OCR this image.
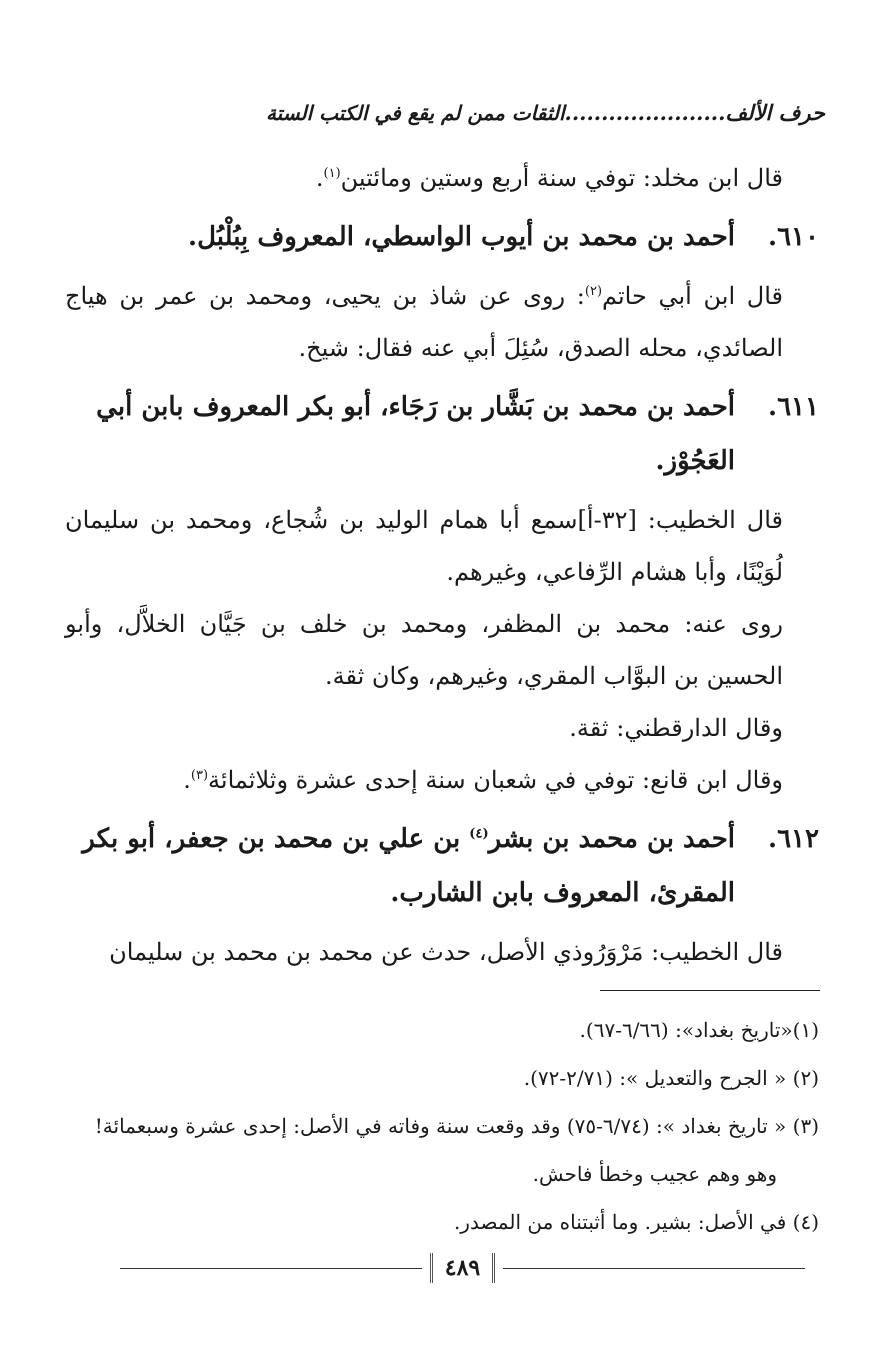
حرف الألف......................الثقات ممن لم يقع في الكتب الستة

قال ابن مخلد: توفي سنة أربع وستين ومائتين$^{(١)}$.

٦١٠.أحمد بن محمد بن أيوب الواسطي، المعروف بِبُلْبُل.

قال ابن أبي حاتم$^{(٢)}$: روى عن شاذ بن يحيى، ومحمد بن عمر بن هياج الصائدي، محله الصدق، سُئِلَ أبي عنه فقال: شيخ.

٦١١.أحمد بن محمد بن بَشَّار بن رَجَاء، أبو بكر المعروف بابن أبي
العَجُوْز.

قال الخطيب: [٣٢-أ]سمع أبا همام الوليد بن شُجاع، ومحمد بن سليمان لُوَيْنًا، وأبا هشام الرِّفاعي، وغيرهم.

روى عنه: محمد بن المظفر، ومحمد بن خلف بن جَيَّان الخلاَّل، وأبو الحسين بن البوَّاب المقري، وغيرهم، وكان ثقة.

وقال الدارقطني: ثقة.

وقال ابن قانع: توفي في شعبان سنة إحدى عشرة وثلاثمائة$^{(٣)}$.

٦١٢.أحمد بن محمد بن بشر$^{(٤)}$ بن علي بن محمد بن جعفر، أبو بكر
المقرئ، المعروف بابن الشارب.

قال الخطيب: مَرْوَرُوذي الأصل، حدث عن محمد بن محمد بن سليمان

(١)«تاريخ بغداد»: (٦/٦٦-٦٧).

(٢) « الجرح والتعديل »: (٢/٧١-٧٢).

(٣) « تاريخ بغداد »: (٦/٧٤-٧٥) وقد وقعت سنة وفاته في الأصل: إحدى عشرة وسبعمائة!

وهو وهم عجيب وخطأ فاحش.

(٤) في الأصل: بشير. وما أثبتناه من المصدر.

٤٨٩
